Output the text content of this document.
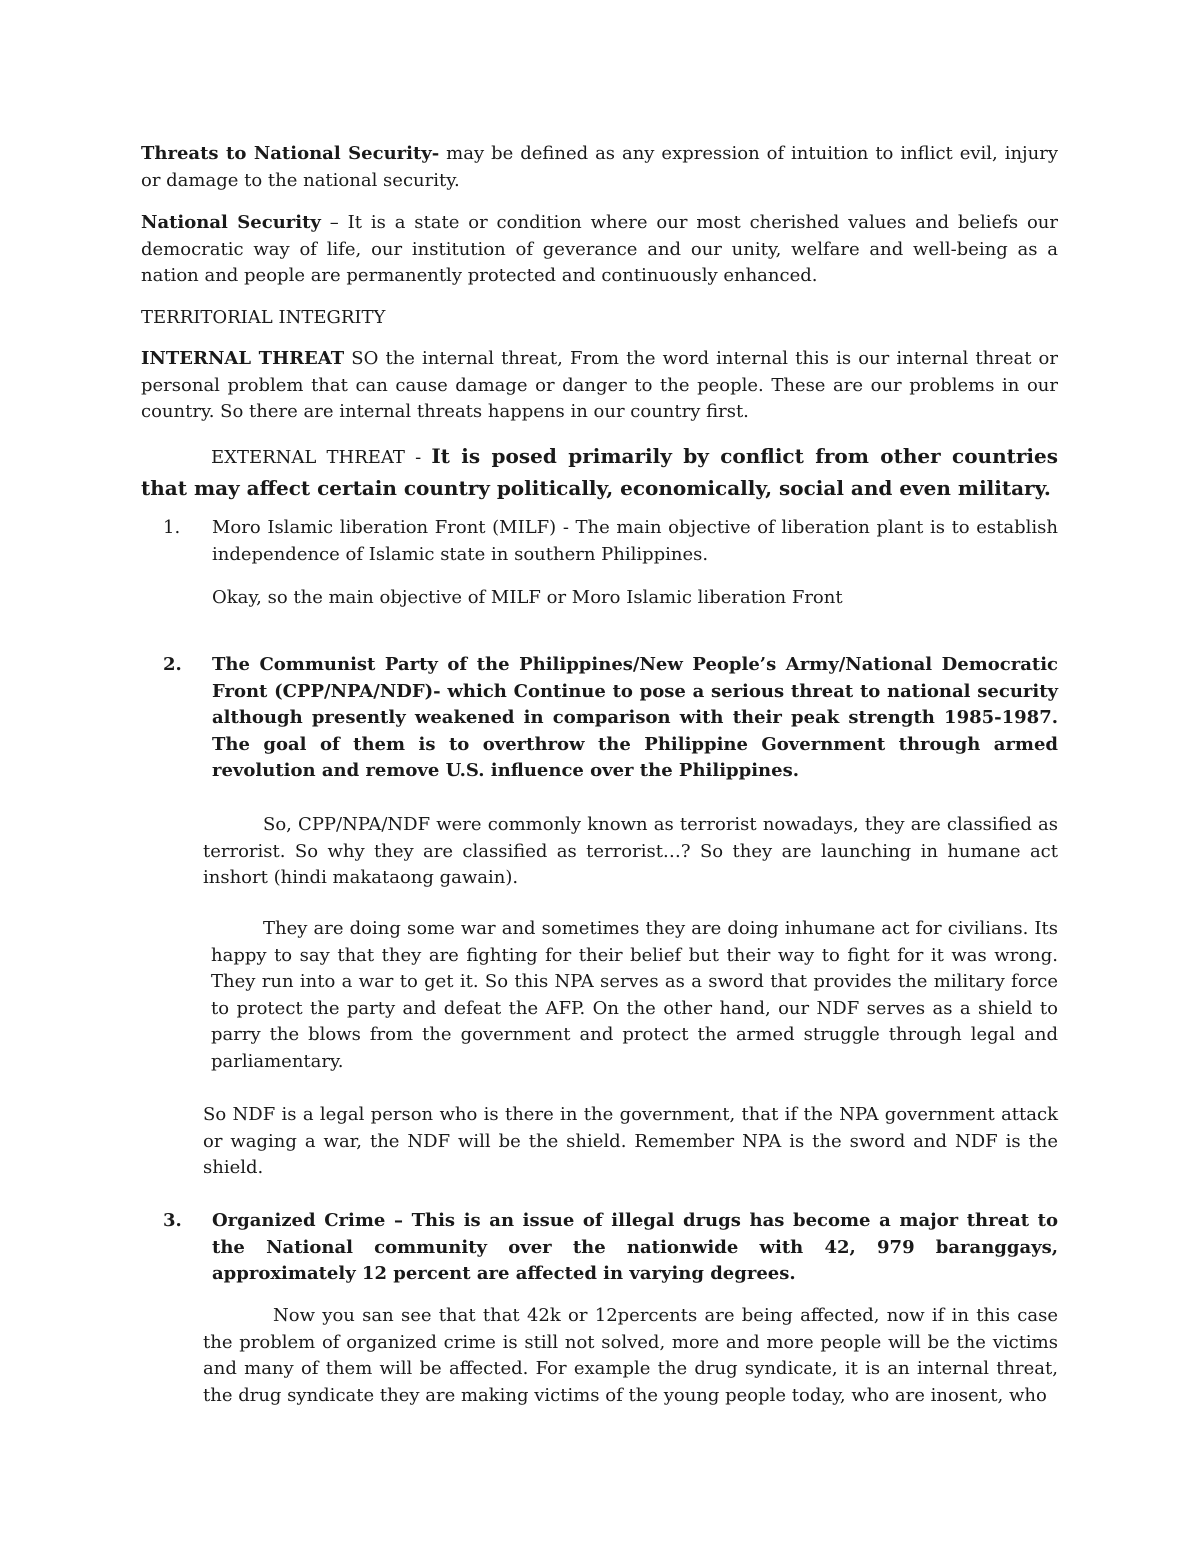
Threats to National Security- may be defined as any expression of intuition to inflict evil, injury or damage to the national security.

National Security – It is a state or condition where our most cherished values and beliefs our democratic way of life, our institution of geverance and our unity, welfare and well-being as a nation and people are permanently protected and continuously enhanced.

TERRITORIAL INTEGRITY

INTERNAL THREAT SO the internal threat, From the word internal this is our internal threat or personal problem that can cause damage or danger to the people. These are our problems in our country. So there are internal threats happens in our country first.

EXTERNAL THREAT - It is posed primarily by conflict from other countries that may affect certain country politically, economically, social and even military.

1. Moro Islamic liberation Front (MILF) - The main objective of liberation plant is to establish independence of Islamic state in southern Philippines.

Okay, so the main objective of MILF or Moro Islamic liberation Front

2. The Communist Party of the Philippines/New People’s Army/National Democratic Front (CPP/NPA/NDF)- which Continue to pose a serious threat to national security although presently weakened in comparison with their peak strength 1985-1987. The goal of them is to overthrow the Philippine Government through armed revolution and remove U.S. influence over the Philippines.

So, CPP/NPA/NDF were commonly known as terrorist nowadays, they are classified as terrorist. So why they are classified as terrorist…? So they are launching in humane act inshort (hindi makataong gawain).

They are doing some war and sometimes they are doing inhumane act for civilians. Its happy to say that they are fighting for their belief but their way to fight for it was wrong. They run into a war to get it. So this NPA serves as a sword that provides the military force to protect the party and defeat the AFP. On the other hand, our NDF serves as a shield to parry the blows from the government and protect the armed struggle through legal and parliamentary.

So NDF is a legal person who is there in the government, that if the NPA government attack or waging a war, the NDF will be the shield. Remember NPA is the sword and NDF is the shield.

3. Organized Crime – This is an issue of illegal drugs has become a major threat to the National community over the nationwide with 42, 979 baranggays, approximately 12 percent are affected in varying degrees.

Now you san see that that 42k or 12percents are being affected, now if in this case the problem of organized crime is still not solved, more and more people will be the victims and many of them will be affected. For example the drug syndicate, it is an internal threat, the drug syndicate they are making victims of the young people today, who are inosent, who
